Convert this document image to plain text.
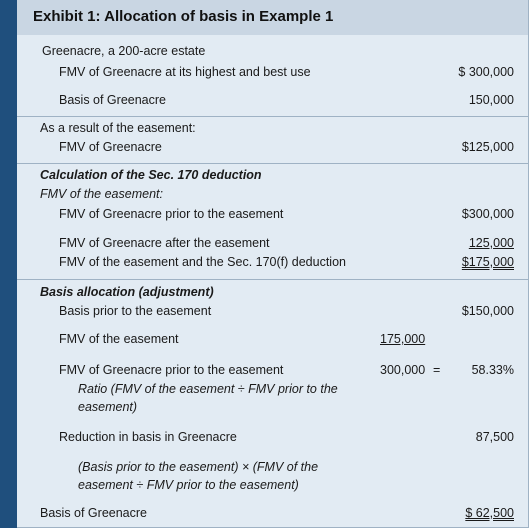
Exhibit 1: Allocation of basis in Example 1
Greenacre, a 200-acre estate
FMV of Greenacre at its highest and best use	$ 300,000
Basis of Greenacre	150,000
As a result of the easement:
FMV of Greenacre	$125,000
Calculation of the Sec. 170 deduction
FMV of the easement:
FMV of Greenacre prior to the easement	$300,000
FMV of Greenacre after the easement	125,000
FMV of the easement and the Sec. 170(f) deduction	$175,000
Basis allocation (adjustment)
Basis prior to the easement	$150,000
FMV of the easement	175,000
FMV of Greenacre prior to the easement	300,000 =	58.33%
Ratio (FMV of the easement ÷ FMV prior to the
easement)
Reduction in basis in Greenacre	87,500
(Basis prior to the easement) × (FMV of the
easement ÷ FMV prior to the easement)
Basis of Greenacre	$ 62,500
